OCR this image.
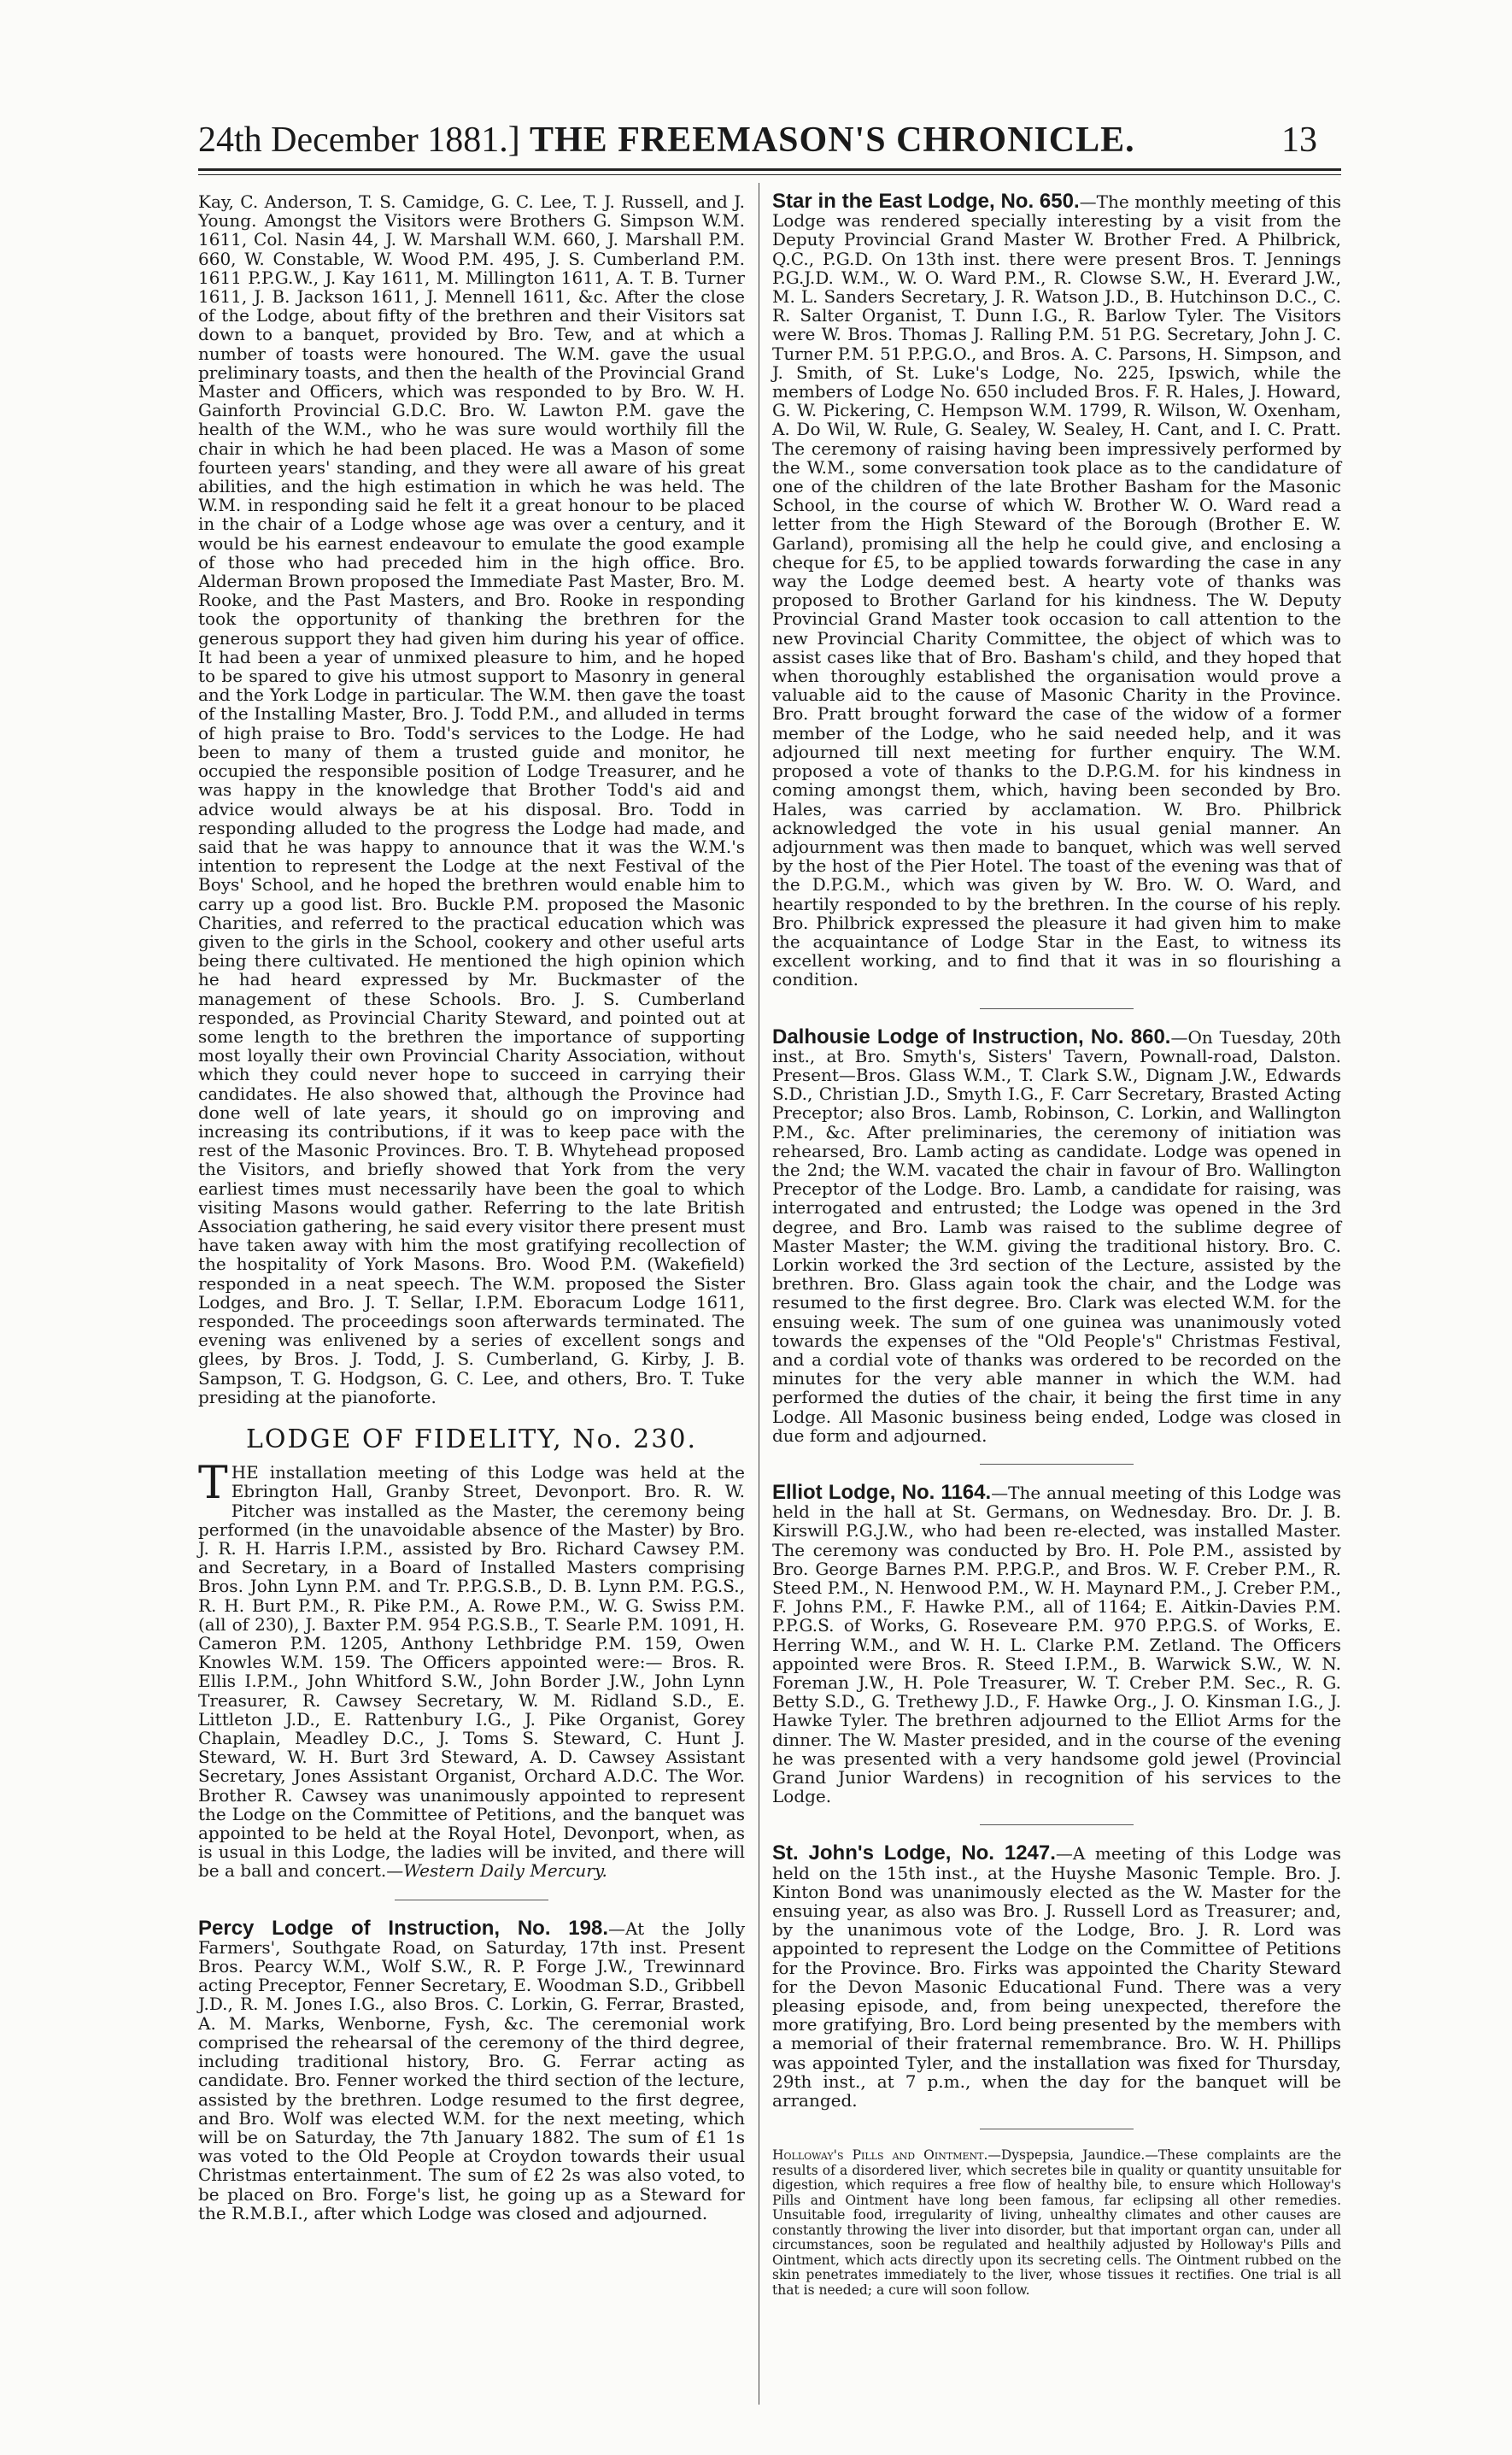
24th December 1881.] THE FREEMASON'S CHRONICLE.	13

Kay, C. Anderson, T. S. Camidge, G. C. Lee, T. J. Russell, and J. Young. Amongst the Visitors were Brothers G. Simpson W.M. 1611, Col. Nasin 44, J. W. Marshall W.M. 660, J. Marshall P.M. 660, W. Constable, W. Wood P.M. 495, J. S. Cumberland P.M. 1611 P.P.G.W., J. Kay 1611, M. Millington 1611, A. T. B. Turner 1611, J. B. Jackson 1611, J. Mennell 1611, &c. After the close of the Lodge, about fifty of the brethren and their Visitors sat down to a banquet, provided by Bro. Tew, and at which a number of toasts were honoured. The W.M. gave the usual preliminary toasts, and then the health of the Provincial Grand Master and Officers, which was responded to by Bro. W. H. Gainforth Provincial G.D.C. Bro. W. Lawton P.M. gave the health of the W.M., who he was sure would worthily fill the chair in which he had been placed. He was a Mason of some fourteen years' standing, and they were all aware of his great abilities, and the high estimation in which he was held. The W.M. in responding said he felt it a great honour to be placed in the chair of a Lodge whose age was over a century, and it would be his earnest endeavour to emulate the good example of those who had preceded him in the high office. Bro. Alderman Brown proposed the Immediate Past Master, Bro. M. Rooke, and the Past Masters, and Bro. Rooke in responding took the opportunity of thanking the brethren for the generous support they had given him during his year of office. It had been a year of unmixed pleasure to him, and he hoped to be spared to give his utmost support to Masonry in general and the York Lodge in particular. The W.M. then gave the toast of the Installing Master, Bro. J. Todd P.M., and alluded in terms of high praise to Bro. Todd's services to the Lodge. He had been to many of them a trusted guide and monitor, he occupied the responsible position of Lodge Treasurer, and he was happy in the knowledge that Brother Todd's aid and advice would always be at his disposal. Bro. Todd in responding alluded to the progress the Lodge had made, and said that he was happy to announce that it was the W.M.'s intention to represent the Lodge at the next Festival of the Boys' School, and he hoped the brethren would enable him to carry up a good list. Bro. Buckle P.M. proposed the Masonic Charities, and referred to the practical education which was given to the girls in the School, cookery and other useful arts being there cultivated. He mentioned the high opinion which he had heard expressed by Mr. Buckmaster of the management of these Schools. Bro. J. S. Cumberland responded, as Provincial Charity Steward, and pointed out at some length to the brethren the importance of supporting most loyally their own Provincial Charity Association, without which they could never hope to succeed in carrying their candidates. He also showed that, although the Province had done well of late years, it should go on improving and increasing its contributions, if it was to keep pace with the rest of the Masonic Provinces. Bro. T. B. Whytehead proposed the Visitors, and briefly showed that York from the very earliest times must necessarily have been the goal to which visiting Masons would gather. Referring to the late British Association gathering, he said every visitor there present must have taken away with him the most gratifying recollection of the hospitality of York Masons. Bro. Wood P.M. (Wakefield) responded in a neat speech. The W.M. proposed the Sister Lodges, and Bro. J. T. Sellar, I.P.M. Eboracum Lodge 1611, responded. The proceedings soon afterwards terminated. The evening was enlivened by a series of excellent songs and glees, by Bros. J. Todd, J. S. Cumberland, G. Kirby, J. B. Sampson, T. G. Hodgson, G. C. Lee, and others, Bro. T. Tuke presiding at the pianoforte.

LODGE OF FIDELITY, No. 230.

THE installation meeting of this Lodge was held at the Ebrington Hall, Granby Street, Devonport. Bro. R. W. Pitcher was installed as the Master, the ceremony being performed (in the unavoidable absence of the Master) by Bro. J. R. H. Harris I.P.M., assisted by Bro. Richard Cawsey P.M. and Secretary, in a Board of Installed Masters comprising Bros. John Lynn P.M. and Tr. P.P.G.S.B., D. B. Lynn P.M. P.G.S., R. H. Burt P.M., R. Pike P.M., A. Rowe P.M., W. G. Swiss P.M. (all of 230), J. Baxter P.M. 954 P.G.S.B., T. Searle P.M. 1091, H. Cameron P.M. 1205, Anthony Lethbridge P.M. 159, Owen Knowles W.M. 159. The Officers appointed were:— Bros. R. Ellis I.P.M., John Whitford S.W., John Border J.W., John Lynn Treasurer, R. Cawsey Secretary, W. M. Ridland S.D., E. Littleton J.D., E. Rattenbury I.G., J. Pike Organist, Gorey Chaplain, Meadley D.C., J. Toms S. Steward, C. Hunt J. Steward, W. H. Burt 3rd Steward, A. D. Cawsey Assistant Secretary, Jones Assistant Organist, Orchard A.D.C. The Wor. Brother R. Cawsey was unanimously appointed to represent the Lodge on the Committee of Petitions, and the banquet was appointed to be held at the Royal Hotel, Devonport, when, as is usual in this Lodge, the ladies will be invited, and there will be a ball and concert.—Western Daily Mercury.

Percy Lodge of Instruction, No. 198.—At the Jolly Farmers', Southgate Road, on Saturday, 17th inst. Present Bros. Pearcy W.M., Wolf S.W., R. P. Forge J.W., Trewinnard acting Preceptor, Fenner Secretary, E. Woodman S.D., Gribbell J.D., R. M. Jones I.G., also Bros. C. Lorkin, G. Ferrar, Brasted, A. M. Marks, Wenborne, Fysh, &c. The ceremonial work comprised the rehearsal of the ceremony of the third degree, including traditional history, Bro. G. Ferrar acting as candidate. Bro. Fenner worked the third section of the lecture, assisted by the brethren. Lodge resumed to the first degree, and Bro. Wolf was elected W.M. for the next meeting, which will be on Saturday, the 7th January 1882. The sum of £1 1s was voted to the Old People at Croydon towards their usual Christmas entertainment. The sum of £2 2s was also voted, to be placed on Bro. Forge's list, he going up as a Steward for the R.M.B.I., after which Lodge was closed and adjourned.

Star in the East Lodge, No. 650.—The monthly meeting of this Lodge was rendered specially interesting by a visit from the Deputy Provincial Grand Master W. Brother Fred. A Philbrick, Q.C., P.G.D. On 13th inst. there were present Bros. T. Jennings P.G.J.D. W.M., W. O. Ward P.M., R. Clowse S.W., H. Everard J.W., M. L. Sanders Secretary, J. R. Watson J.D., B. Hutchinson D.C., C. R. Salter Organist, T. Dunn I.G., R. Barlow Tyler. The Visitors were W. Bros. Thomas J. Ralling P.M. 51 P.G. Secretary, John J. C. Turner P.M. 51 P.P.G.O., and Bros. A. C. Parsons, H. Simpson, and J. Smith, of St. Luke's Lodge, No. 225, Ipswich, while the members of Lodge No. 650 included Bros. F. R. Hales, J. Howard, G. W. Pickering, C. Hempson W.M. 1799, R. Wilson, W. Oxenham, A. Do Wil, W. Rule, G. Sealey, W. Sealey, H. Cant, and I. C. Pratt. The ceremony of raising having been impressively performed by the W.M., some conversation took place as to the candidature of one of the children of the late Brother Basham for the Masonic School, in the course of which W. Brother W. O. Ward read a letter from the High Steward of the Borough (Brother E. W. Garland), promising all the help he could give, and enclosing a cheque for £5, to be applied towards forwarding the case in any way the Lodge deemed best. A hearty vote of thanks was proposed to Brother Garland for his kindness. The W. Deputy Provincial Grand Master took occasion to call attention to the new Provincial Charity Committee, the object of which was to assist cases like that of Bro. Basham's child, and they hoped that when thoroughly established the organisation would prove a valuable aid to the cause of Masonic Charity in the Province. Bro. Pratt brought forward the case of the widow of a former member of the Lodge, who he said needed help, and it was adjourned till next meeting for further enquiry. The W.M. proposed a vote of thanks to the D.P.G.M. for his kindness in coming amongst them, which, having been seconded by Bro. Hales, was carried by acclamation. W. Bro. Philbrick acknowledged the vote in his usual genial manner. An adjournment was then made to banquet, which was well served by the host of the Pier Hotel. The toast of the evening was that of the D.P.G.M., which was given by W. Bro. W. O. Ward, and heartily responded to by the brethren. In the course of his reply. Bro. Philbrick expressed the pleasure it had given him to make the acquaintance of Lodge Star in the East, to witness its excellent working, and to find that it was in so flourishing a condition.

Dalhousie Lodge of Instruction, No. 860.—On Tuesday, 20th inst., at Bro. Smyth's, Sisters' Tavern, Pownall-road, Dalston. Present—Bros. Glass W.M., T. Clark S.W., Dignam J.W., Edwards S.D., Christian J.D., Smyth I.G., F. Carr Secretary, Brasted Acting Preceptor; also Bros. Lamb, Robinson, C. Lorkin, and Wallington P.M., &c. After preliminaries, the ceremony of initiation was rehearsed, Bro. Lamb acting as candidate. Lodge was opened in the 2nd; the W.M. vacated the chair in favour of Bro. Wallington Preceptor of the Lodge. Bro. Lamb, a candidate for raising, was interrogated and entrusted; the Lodge was opened in the 3rd degree, and Bro. Lamb was raised to the sublime degree of Master Master; the W.M. giving the traditional history. Bro. C. Lorkin worked the 3rd section of the Lecture, assisted by the brethren. Bro. Glass again took the chair, and the Lodge was resumed to the first degree. Bro. Clark was elected W.M. for the ensuing week. The sum of one guinea was unanimously voted towards the expenses of the "Old People's" Christmas Festival, and a cordial vote of thanks was ordered to be recorded on the minutes for the very able manner in which the W.M. had performed the duties of the chair, it being the first time in any Lodge. All Masonic business being ended, Lodge was closed in due form and adjourned.

Elliot Lodge, No. 1164.—The annual meeting of this Lodge was held in the hall at St. Germans, on Wednesday. Bro. Dr. J. B. Kirswill P.G.J.W., who had been re-elected, was installed Master. The ceremony was conducted by Bro. H. Pole P.M., assisted by Bro. George Barnes P.M. P.P.G.P., and Bros. W. F. Creber P.M., R. Steed P.M., N. Henwood P.M., W. H. Maynard P.M., J. Creber P.M., F. Johns P.M., F. Hawke P.M., all of 1164; E. Aitkin-Davies P.M. P.P.G.S. of Works, G. Roseveare P.M. 970 P.P.G.S. of Works, E. Herring W.M., and W. H. L. Clarke P.M. Zetland. The Officers appointed were Bros. R. Steed I.P.M., B. Warwick S.W., W. N. Foreman J.W., H. Pole Treasurer, W. T. Creber P.M. Sec., R. G. Betty S.D., G. Trethewy J.D., F. Hawke Org., J. O. Kinsman I.G., J. Hawke Tyler. The brethren adjourned to the Elliot Arms for the dinner. The W. Master presided, and in the course of the evening he was presented with a very handsome gold jewel (Provincial Grand Junior Wardens) in recognition of his services to the Lodge.

St. John's Lodge, No. 1247.—A meeting of this Lodge was held on the 15th inst., at the Huyshe Masonic Temple. Bro. J. Kinton Bond was unanimously elected as the W. Master for the ensuing year, as also was Bro. J. Russell Lord as Treasurer; and, by the unanimous vote of the Lodge, Bro. J. R. Lord was appointed to represent the Lodge on the Committee of Petitions for the Province. Bro. Firks was appointed the Charity Steward for the Devon Masonic Educational Fund. There was a very pleasing episode, and, from being unexpected, therefore the more gratifying, Bro. Lord being presented by the members with a memorial of their fraternal remembrance. Bro. W. H. Phillips was appointed Tyler, and the installation was fixed for Thursday, 29th inst., at 7 p.m., when the day for the banquet will be arranged.

Holloway's Pills and Ointment.—Dyspepsia, Jaundice.—These complaints are the results of a disordered liver, which secretes bile in quality or quantity unsuitable for digestion, which requires a free flow of healthy bile, to ensure which Holloway's Pills and Ointment have long been famous, far eclipsing all other remedies. Unsuitable food, irregularity of living, unhealthy climates and other causes are constantly throwing the liver into disorder, but that important organ can, under all circumstances, soon be regulated and healthily adjusted by Holloway's Pills and Ointment, which acts directly upon its secreting cells. The Ointment rubbed on the skin penetrates immediately to the liver, whose tissues it rectifies. One trial is all that is needed; a cure will soon follow.
